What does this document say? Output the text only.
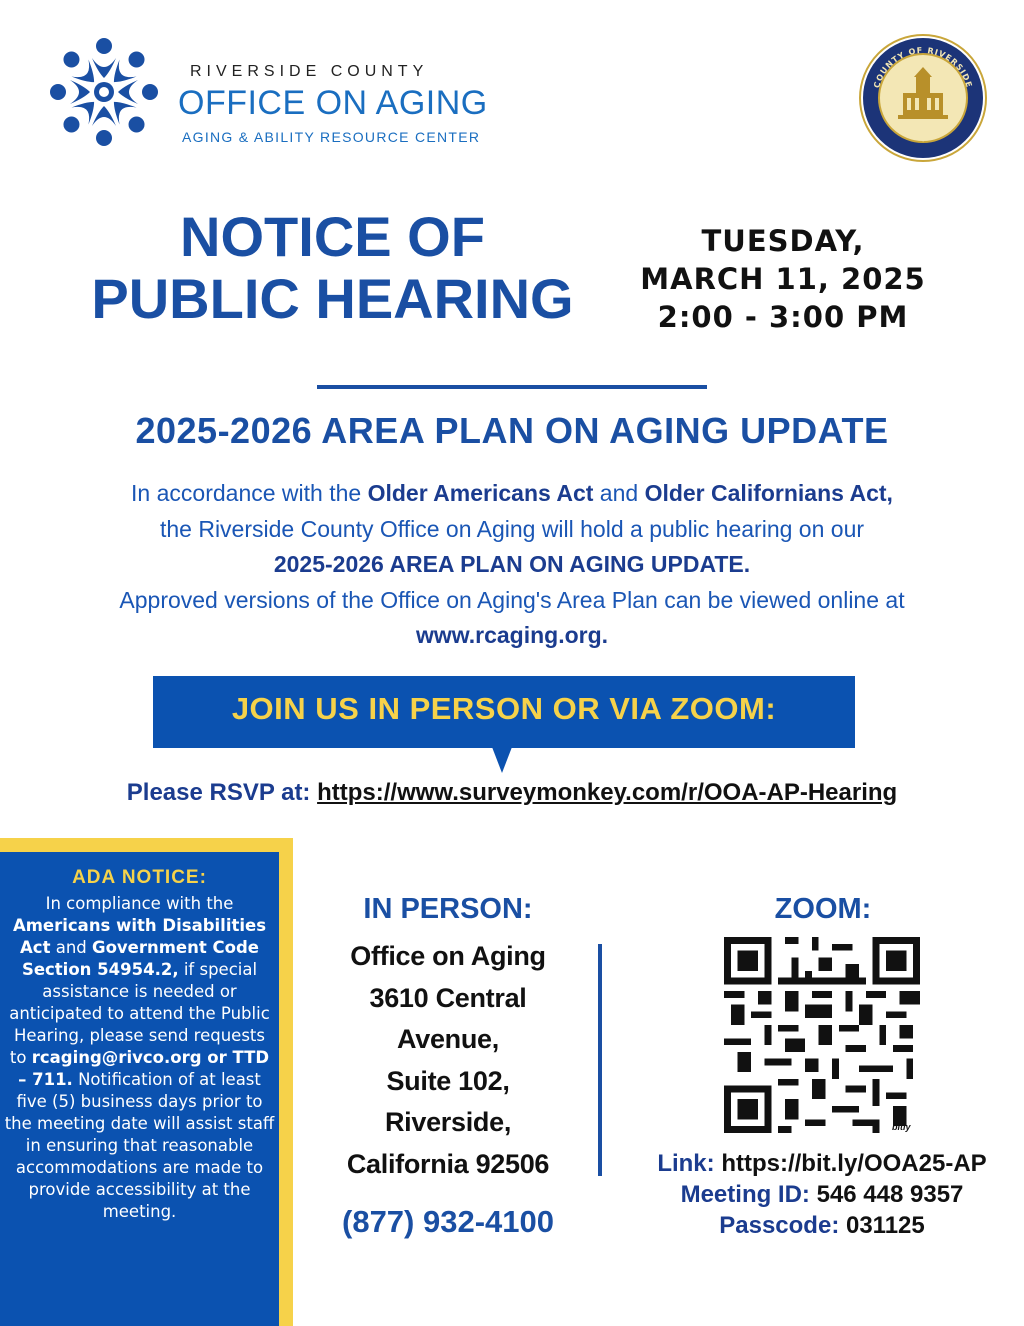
RIVERSIDE COUNTY
OFFICE ON AGING
AGING & ABILITY RESOURCE CENTER
COUNTY OF RIVERSIDE
MAY 9, 1893
NOTICE OF
PUBLIC HEARING
TUESDAY,
MARCH 11, 2025
2:00 - 3:00 PM
2025-2026 AREA PLAN ON AGING UPDATE
In accordance with the Older Americans Act and Older Californians Act,
the Riverside County Office on Aging will hold a public hearing on our
2025-2026 AREA PLAN ON AGING UPDATE.
Approved versions of the Office on Aging's Area Plan can be viewed online at
www.rcaging.org.
JOIN US IN PERSON OR VIA ZOOM:
Please RSVP at: https://www.surveymonkey.com/r/OOA-AP-Hearing
ADA NOTICE:
In compliance with the Americans with Disabilities Act and Government Code Section 54954.2, if special assistance is needed or anticipated to attend the Public Hearing, please send requests to rcaging@rivco.org or TTD – 711. Notification of at least five (5) business days prior to the meeting date will assist staff in ensuring that reasonable accommodations are made to provide accessibility at the meeting.
IN PERSON:
Office on Aging
3610 Central
Avenue,
Suite 102,
Riverside,
California 92506
(877) 932-4100
ZOOM:
bitly
Link: https://bit.ly/OOA25-AP
Meeting ID: 546 448 9357
Passcode: 031125
